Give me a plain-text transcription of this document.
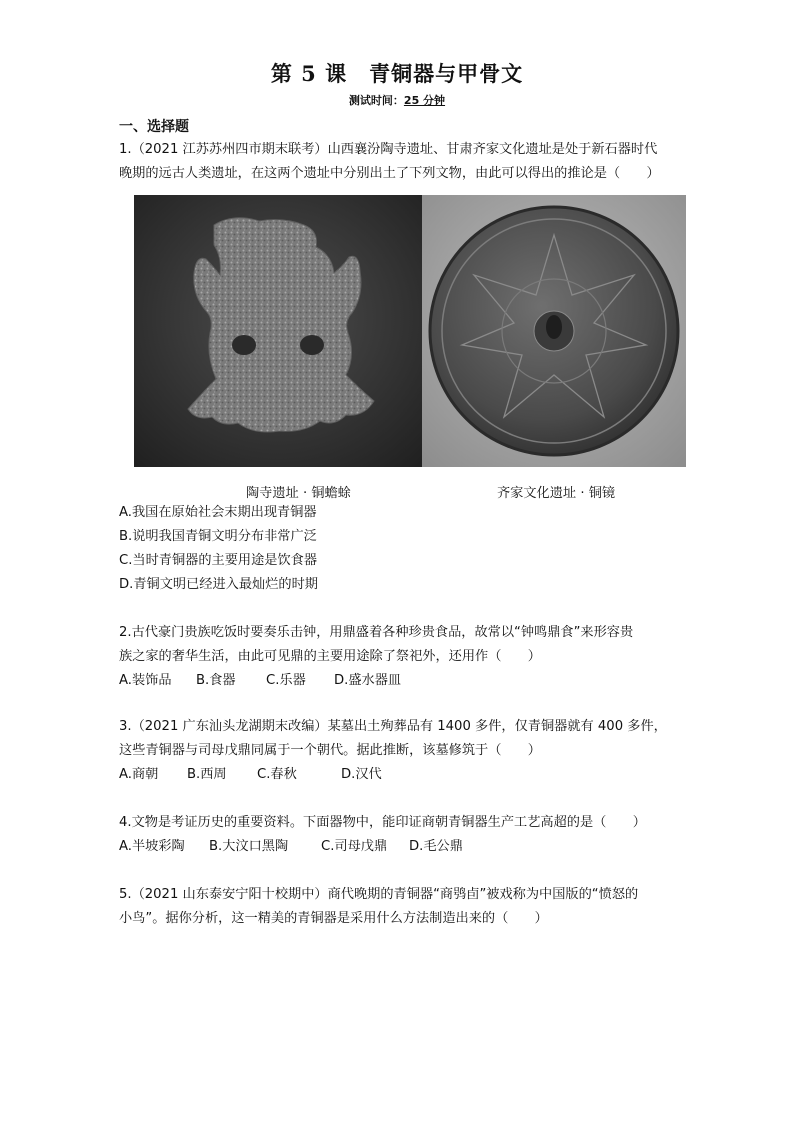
第 5 课　青铜器与甲骨文
测试时间：25 分钟
一、选择题
1.（2021 江苏苏州四市期末联考）山西襄汾陶寺遗址、甘肃齐家文化遗址是处于新石器时代
晚期的远古人类遗址，在这两个遗址中分别出土了下列文物，由此可以得出的推论是（　　）
陶寺遗址 · 铜蟾蜍	齐家文化遗址 · 铜镜
A.我国在原始社会末期出现青铜器
B.说明我国青铜文明分布非常广泛
C.当时青铜器的主要用途是饮食器
D.青铜文明已经进入最灿烂的时期
2.古代豪门贵族吃饭时要奏乐击钟，用鼎盛着各种珍贵食品，故常以“钟鸣鼎食”来形容贵
族之家的奢华生活，由此可见鼎的主要用途除了祭祀外，还用作（　　）
A.装饰品	B.食器	C.乐器	D.盛水器皿
3.（2021 广东汕头龙湖期末改编）某墓出土殉葬品有 1400 多件，仅青铜器就有 400 多件，
这些青铜器与司母戊鼎同属于一个朝代。据此推断，该墓修筑于（　　）
A.商朝	B.西周	C.春秋	D.汉代
4.文物是考证历史的重要资料。下面器物中，能印证商朝青铜器生产工艺高超的是（　　）
A.半坡彩陶	B.大汶口黑陶	C.司母戊鼎	D.毛公鼎
5.（2021 山东泰安宁阳十校期中）商代晚期的青铜器“商鸮卣”被戏称为中国版的“愤怒的
小鸟”。据你分析，这一精美的青铜器是采用什么方法制造出来的（　　）
